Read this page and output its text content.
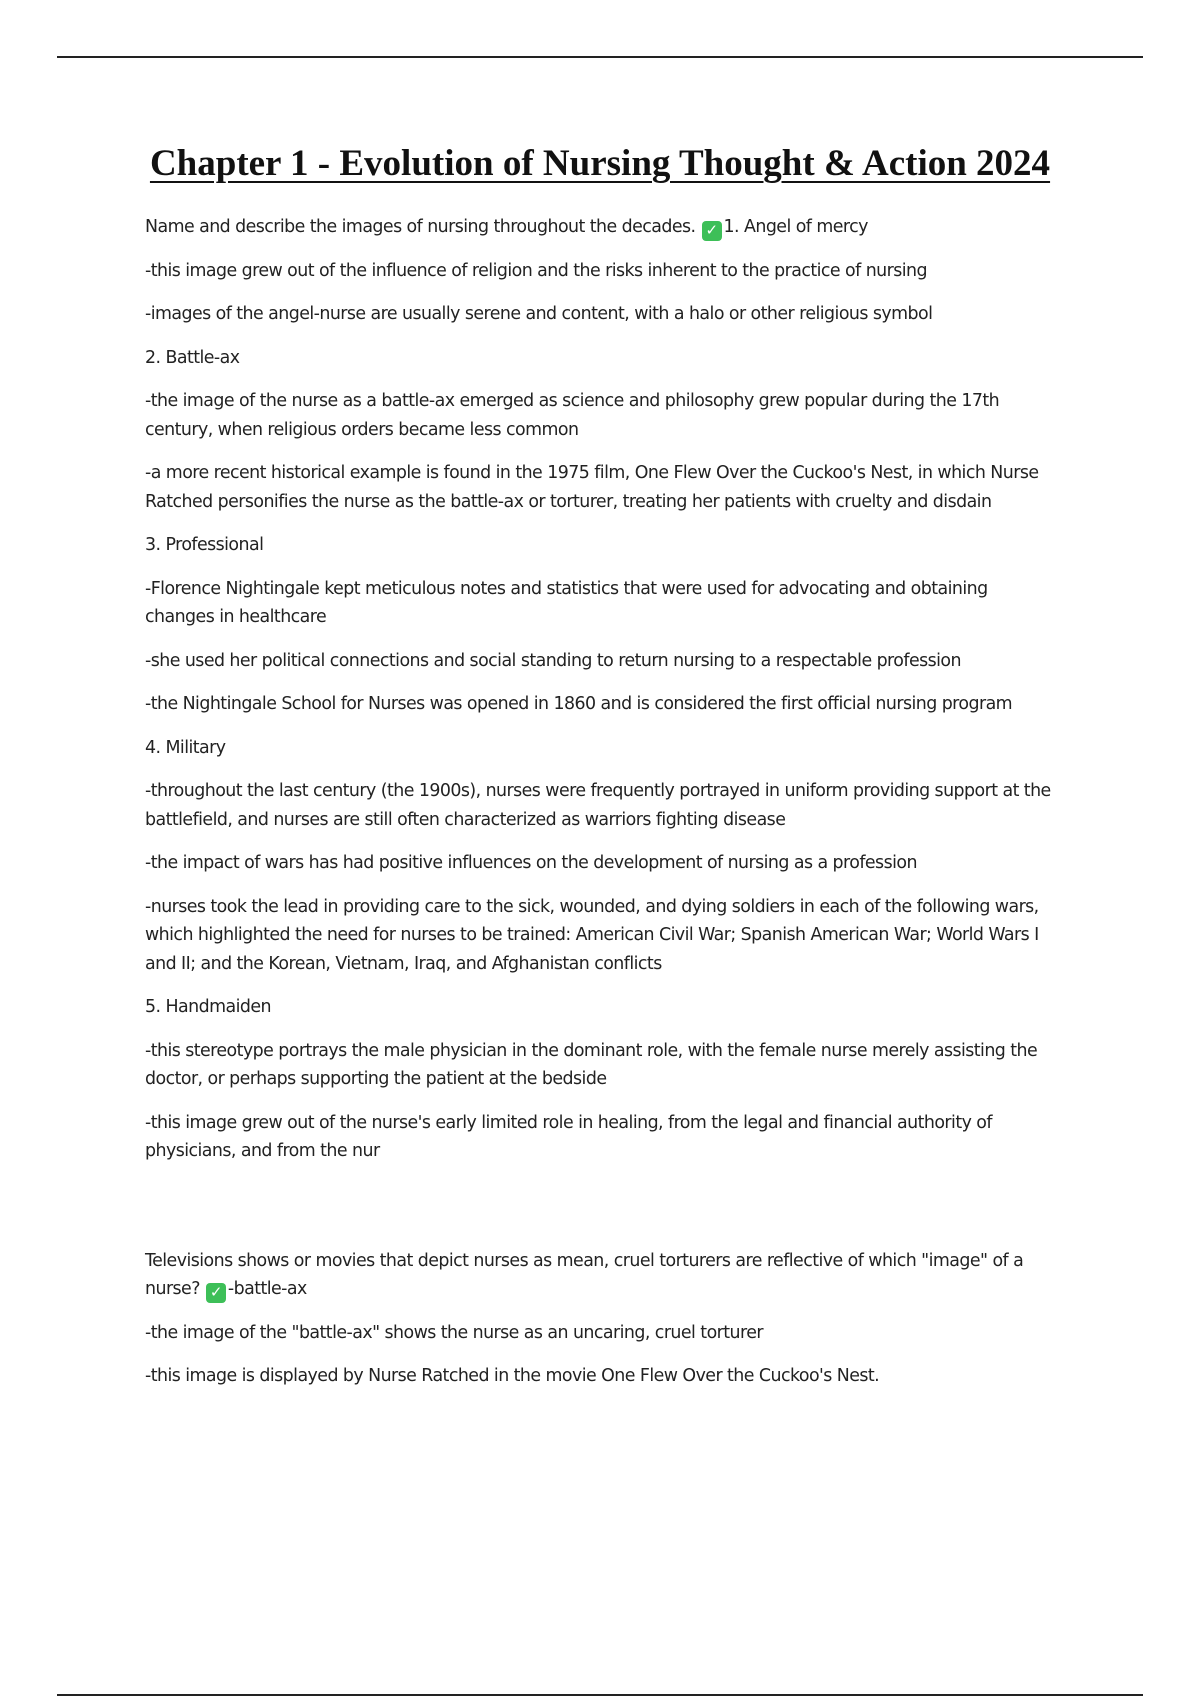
Chapter 1 - Evolution of Nursing Thought & Action 2024

Name and describe the images of nursing throughout the decades. ✓ 1. Angel of mercy

-this image grew out of the influence of religion and the risks inherent to the practice of nursing

-images of the angel-nurse are usually serene and content, with a halo or other religious symbol

2. Battle-ax

-the image of the nurse as a battle-ax emerged as science and philosophy grew popular during the 17th century, when religious orders became less common

-a more recent historical example is found in the 1975 film, One Flew Over the Cuckoo's Nest, in which Nurse Ratched personifies the nurse as the battle-ax or torturer, treating her patients with cruelty and disdain

3. Professional

-Florence Nightingale kept meticulous notes and statistics that were used for advocating and obtaining changes in healthcare

-she used her political connections and social standing to return nursing to a respectable profession

-the Nightingale School for Nurses was opened in 1860 and is considered the first official nursing program

4. Military

-throughout the last century (the 1900s), nurses were frequently portrayed in uniform providing support at the battlefield, and nurses are still often characterized as warriors fighting disease

-the impact of wars has had positive influences on the development of nursing as a profession

-nurses took the lead in providing care to the sick, wounded, and dying soldiers in each of the following wars, which highlighted the need for nurses to be trained: American Civil War; Spanish American War; World Wars I and II; and the Korean, Vietnam, Iraq, and Afghanistan conflicts

5. Handmaiden

-this stereotype portrays the male physician in the dominant role, with the female nurse merely assisting the doctor, or perhaps supporting the patient at the bedside

-this image grew out of the nurse's early limited role in healing, from the legal and financial authority of physicians, and from the nur

Televisions shows or movies that depict nurses as mean, cruel torturers are reflective of which "image" of a nurse? ✓ -battle-ax

-the image of the "battle-ax" shows the nurse as an uncaring, cruel torturer

-this image is displayed by Nurse Ratched in the movie One Flew Over the Cuckoo's Nest.
